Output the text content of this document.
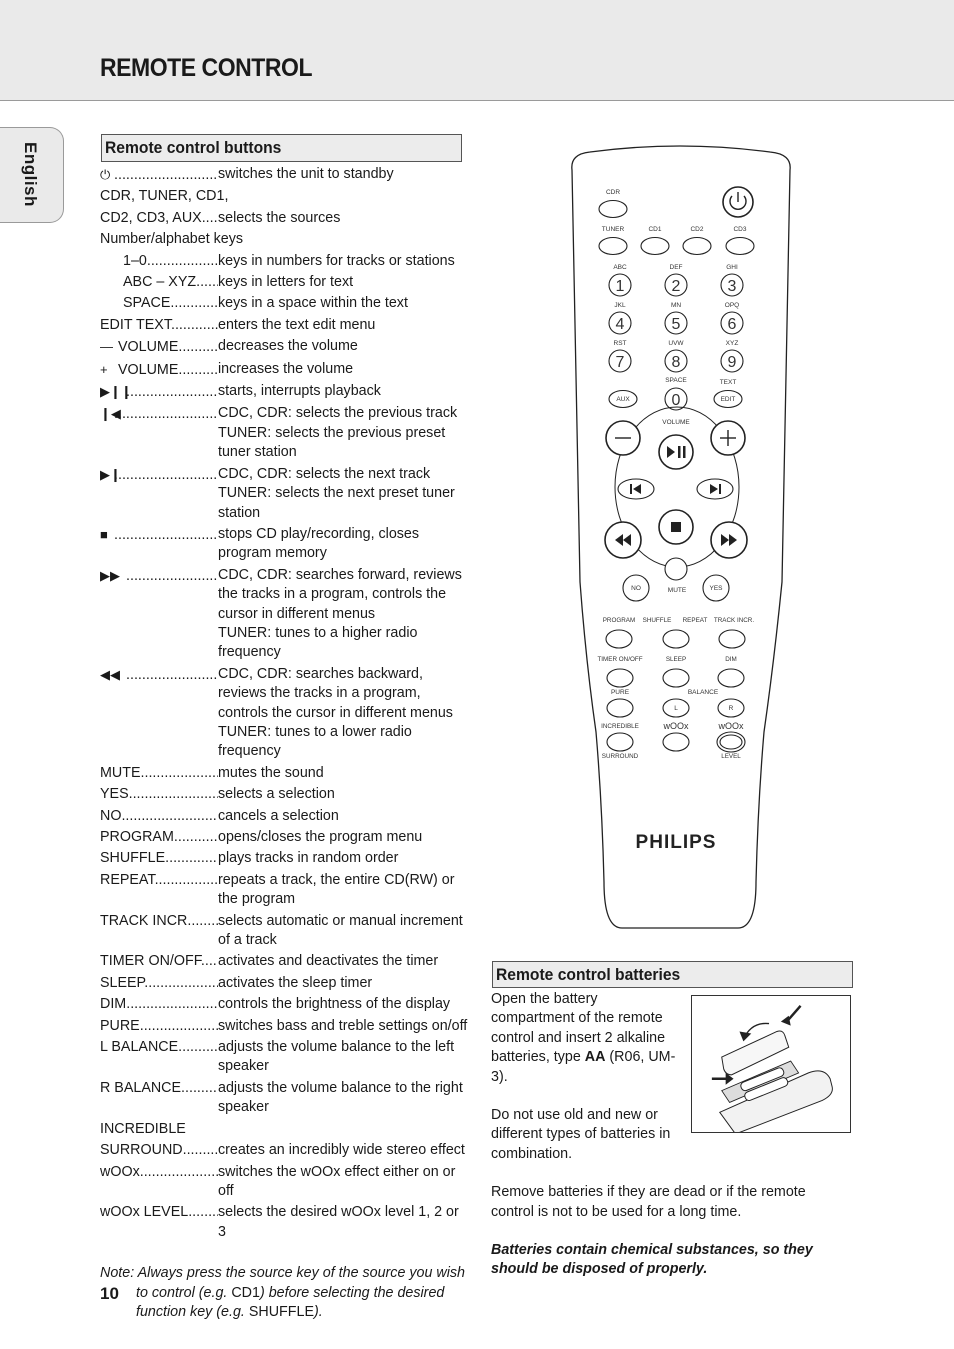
REMOTE CONTROL
English	Remote control buttons
⏻ .....	switches the unit to standby
CDR, TUNER, CD1,
CD2, CD3, AUX .....	selects the sources
Number/alphabet keys
1–0 .....	keys in numbers for tracks or stations
ABC – XYZ .....	keys in letters for text
SPACE .....	keys in a space within the text
EDIT TEXT .....	enters the text edit menu
— VOLUME .....	decreases the volume
+ VOLUME .....	increases the volume
▶❙❙ .....	starts, interrupts playback
❙◀ .....	CDC, CDR: selects the previous track
TUNER: selects the previous preset tuner station
▶❙ .....	CDC, CDR: selects the next track
TUNER: selects the next preset tuner station
■ .....	stops CD play/recording, closes program memory
▶▶ .....	CDC, CDR: searches forward, reviews the tracks in a program, controls the cursor in different menus
TUNER: tunes to a higher radio frequency
◀◀ .....	CDC, CDR: searches backward, reviews the tracks in a program, controls the cursor in different menus
TUNER: tunes to a lower radio frequency
MUTE .....	mutes the sound
YES .....	selects a selection
NO .....	cancels a selection
PROGRAM .....	opens/closes the program menu
SHUFFLE .....	plays tracks in random order
REPEAT .....	repeats a track, the entire CD(RW) or the program
TRACK INCR. .....	selects automatic or manual increment of a track
TIMER ON/OFF .....	activates and deactivates the timer
SLEEP .....	activates the sleep timer
DIM .....	controls the brightness of the display
PURE .....	switches bass and treble settings on/off
L BALANCE .....	adjusts the volume balance to the left speaker
R BALANCE .....	adjusts the volume balance to the right speaker
INCREDIBLE
SURROUND .....	creates an incredibly wide stereo effect
wOOx .....	switches the wOOx effect either on or off
wOOx LEVEL .....	selects the desired wOOx level 1, 2 or 3
Note: Always press the source key of the source you wish to control (e.g. CD1) before selecting the desired function key (e.g. SHUFFLE).
CDR
TUNER	CD1	CD2	CD3
ABC
1
DEF
2
GHI
3
JKL
4
MN
5
OPQ
6
RST
7
UVW
8
XYZ
9
SPACE	TEXT
AUX	0	EDIT
VOLUME
NO	MUTE	YES
PROGRAM SHUFFLE REPEAT TRACK INCR.
TIMER ON/OFF	SLEEP	DIM
PURE	BALANCE
L	R
INCREDIBLE	wOOx	wOOx
SURROUND	LEVEL
PHILIPS
Remote control batteries

Open the battery compartment of the remote control and insert 2 alkaline batteries, type AA (R06, UM-3).

Do not use old and new or different types of batteries in combination.

Remove batteries if they are dead or if the remote control is not to be used for a long time.

Batteries contain chemical substances, so they should be disposed of properly.

10
